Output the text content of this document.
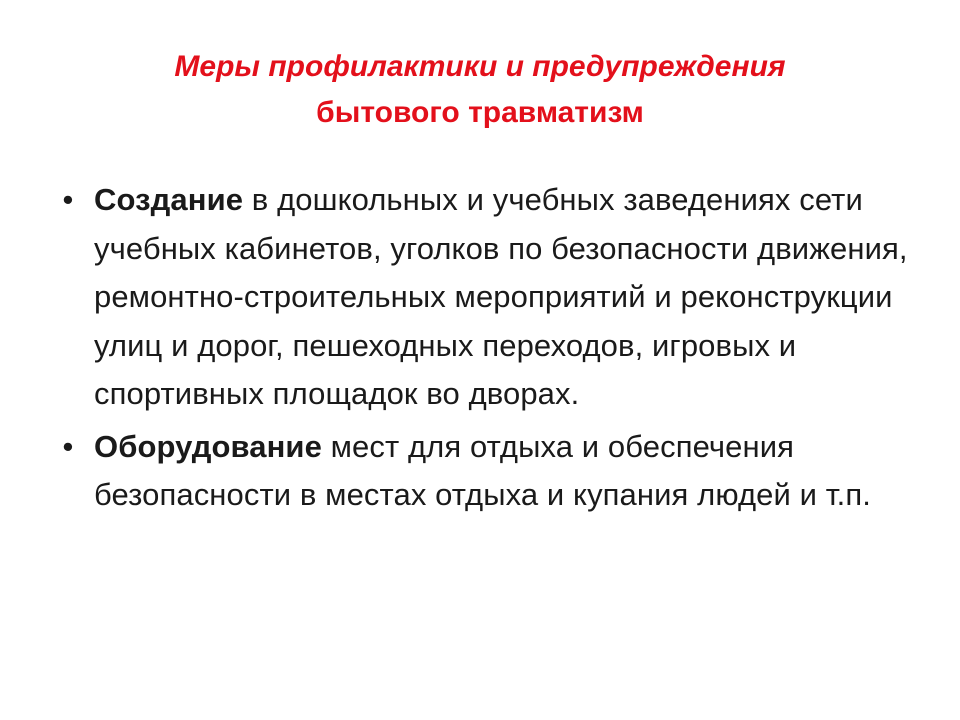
Меры профилактики и предупреждения
бытового травматизм
• Создание в дошкольных и учебных заведениях сети учебных кабинетов, уголков по безопасности движения, ремонтно-строительных мероприятий и реконструкции улиц и дорог, пешеходных переходов, игровых и спортивных площадок во дворах.
• Оборудование мест для отдыха и обеспечения безопасности в местах отдыха и купания людей и т.п.
